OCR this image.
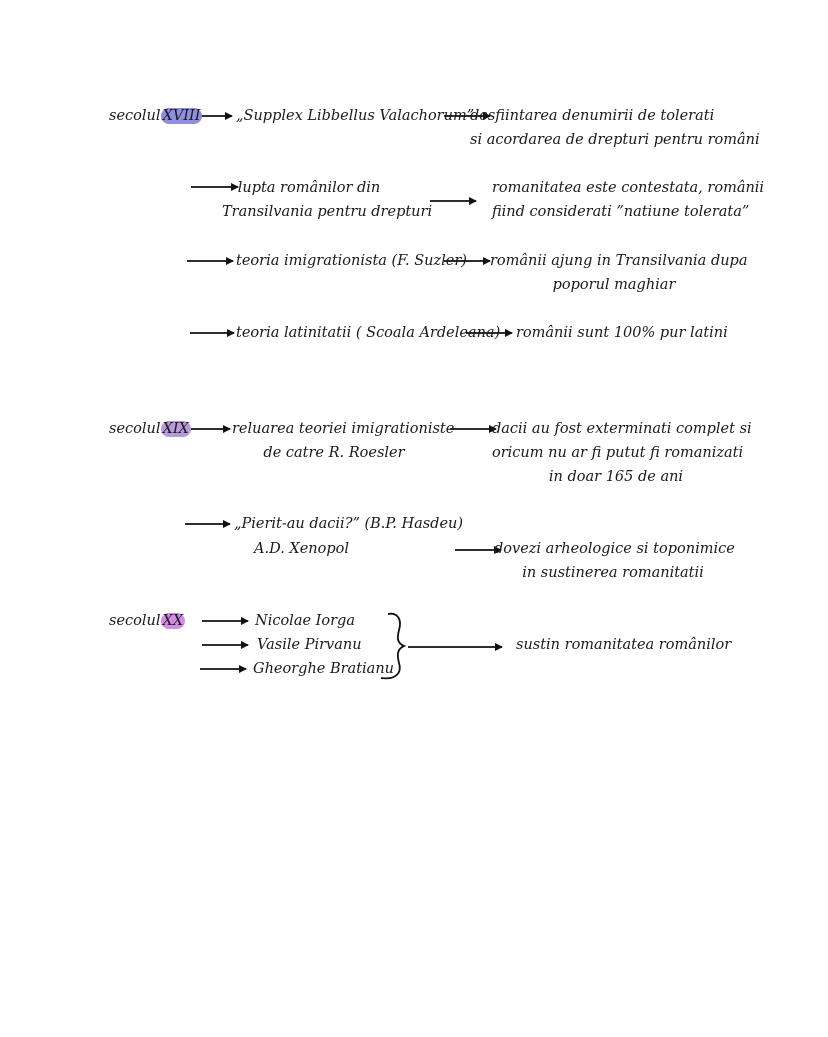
secolul XVIII „Supplex Libbellus Valachorum”
desfiintarea denumirii de tolerati
si acordarea de drepturi pentru români
lupta românilor din
Transilvania pentru drepturi
romanitatea este contestata, românii
fiind considerati ”natiune tolerata”
teoria imigrationista (F. Suzler) românii ajung in Transilvania dupa
poporul maghiar
teoria latinitatii ( Scoala Ardeleana) românii sunt 100% pur latini
secolul XIX	reluarea teoriei imigrationiste
de catre R. Roesler
dacii au fost exterminati complet si
oricum nu ar fi putut fi romanizati
in doar 165 de ani
„Pierit-au dacii?” (B.P. Hasdeu)
A.D. Xenopol	dovezi arheologice si toponimice
in sustinerea romanitatii
secolul XX	Nicolae Iorga
Vasile Pirvanu
Gheorghe Bratianu
sustin romanitatea românilor
